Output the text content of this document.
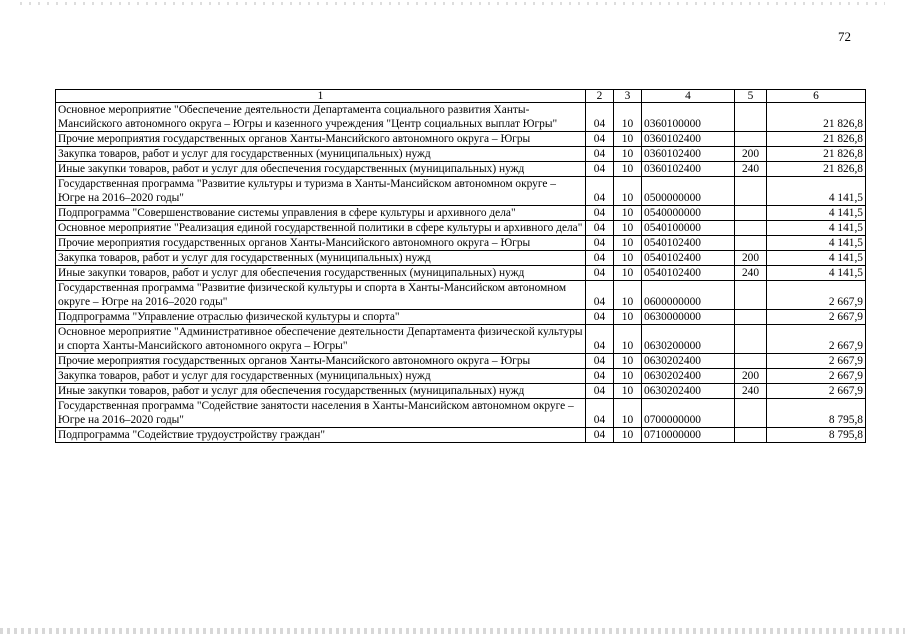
72
1	2	3	4	5	6
Основное мероприятие "Обеспечение деятельности Департамента социального развития Ханты-Мансийского автономного округа – Югры и казенного учреждения "Центр социальных выплат Югры"	04	10	0360100000		21 826,8
Прочие мероприятия государственных органов Ханты-Мансийского автономного округа – Югры	04	10	0360102400		21 826,8
Закупка товаров, работ и услуг для государственных (муниципальных) нужд	04	10	0360102400	200	21 826,8
Иные закупки товаров, работ и услуг для обеспечения государственных (муниципальных) нужд	04	10	0360102400	240	21 826,8
Государственная программа "Развитие культуры и туризма в Ханты-Мансийском автономном округе – Югре на 2016–2020 годы"	04	10	0500000000		4 141,5
Подпрограмма "Совершенствование системы управления в сфере культуры и архивного дела"	04	10	0540000000		4 141,5
Основное мероприятие "Реализация единой государственной политики в сфере культуры и архивного дела"	04	10	0540100000		4 141,5
Прочие мероприятия государственных органов Ханты-Мансийского автономного округа – Югры	04	10	0540102400		4 141,5
Закупка товаров, работ и услуг для государственных (муниципальных) нужд	04	10	0540102400	200	4 141,5
Иные закупки товаров, работ и услуг для обеспечения государственных (муниципальных) нужд	04	10	0540102400	240	4 141,5
Государственная программа "Развитие физической культуры и спорта в Ханты-Мансийском автономном округе – Югре на 2016–2020 годы"	04	10	0600000000		2 667,9
Подпрограмма "Управление отраслью физической культуры и спорта"	04	10	0630000000		2 667,9
Основное мероприятие "Административное обеспечение деятельности Департамента физической культуры и спорта Ханты-Мансийского автономного округа – Югры"	04	10	0630200000		2 667,9
Прочие мероприятия государственных органов Ханты-Мансийского автономного округа – Югры	04	10	0630202400		2 667,9
Закупка товаров, работ и услуг для государственных (муниципальных) нужд	04	10	0630202400	200	2 667,9
Иные закупки товаров, работ и услуг для обеспечения государственных (муниципальных) нужд	04	10	0630202400	240	2 667,9
Государственная программа "Содействие занятости населения в Ханты-Мансийском автономном округе – Югре на 2016–2020 годы"	04	10	0700000000		8 795,8
Подпрограмма "Содействие трудоустройству граждан"	04	10	0710000000		8 795,8
